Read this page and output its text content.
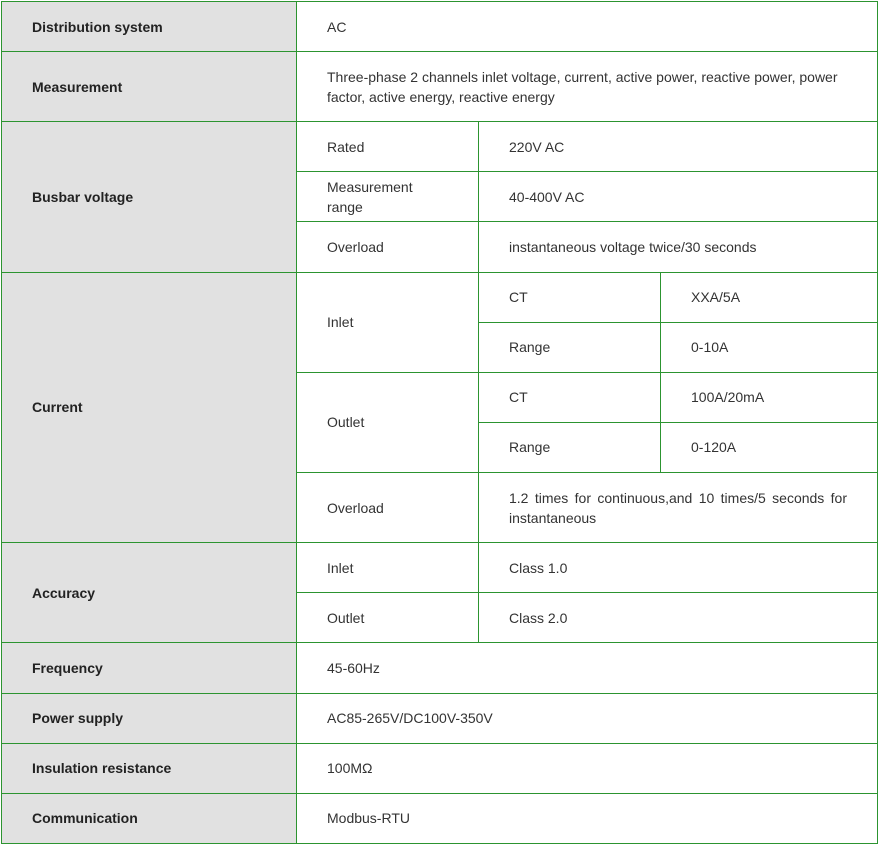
Distribution system	AC		
Measurement	Three-phase 2 channels inlet voltage, current, active power, reactive power, power factor, active energy, reactive energy		
Busbar voltage	Rated	220V AC	
	Measurement range	40-400V AC	
	Overload	instantaneous voltage twice/30 seconds	
Current	Inlet	CT	XXA/5A
		Range	0-10A
	Outlet	CT	100A/20mA
		Range	0-120A
	Overload	1.2 times for continuous,and 10 times/5 seconds for instantaneous	
Accuracy	Inlet	Class 1.0	
	Outlet	Class 2.0	
Frequency	45-60Hz		
Power supply	AC85-265V/DC100V-350V		
Insulation resistance	100MΩ		
Communication	Modbus-RTU		
